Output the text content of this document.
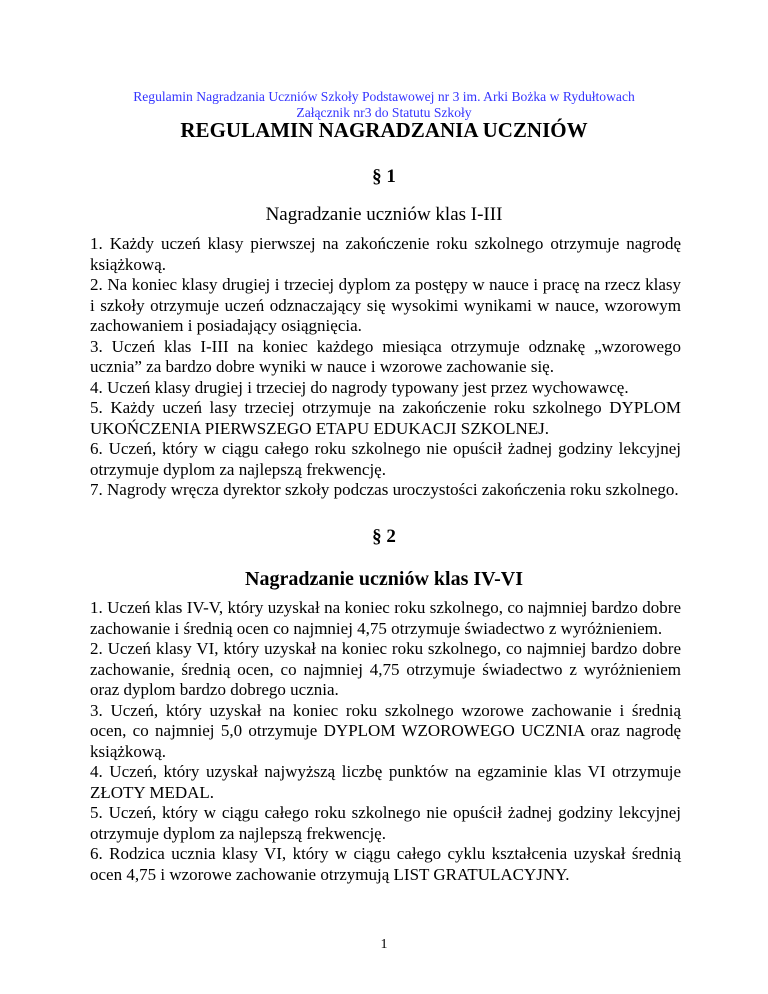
Regulamin Nagradzania Uczniów Szkoły Podstawowej nr 3 im. Arki Bożka w Rydułtowach
Załącznik nr3 do Statutu Szkoły
REGULAMIN NAGRADZANIA UCZNIÓW
§ 1
Nagradzanie uczniów klas I-III
1. Każdy uczeń klasy pierwszej na zakończenie roku szkolnego otrzymuje nagrodę książkową.
2. Na koniec klasy drugiej i trzeciej dyplom za postępy w nauce i pracę na rzecz klasy i szkoły otrzymuje uczeń odznaczający się wysokimi wynikami w nauce, wzorowym zachowaniem i posiadający osiągnięcia.
3. Uczeń klas I-III na koniec każdego miesiąca otrzymuje odznakę „wzorowego ucznia” za bardzo dobre wyniki w nauce i wzorowe zachowanie się.
4. Uczeń klasy drugiej i trzeciej do nagrody typowany jest przez wychowawcę.
5. Każdy uczeń lasy trzeciej otrzymuje na zakończenie roku szkolnego DYPLOM UKOŃCZENIA PIERWSZEGO ETAPU EDUKACJI SZKOLNEJ.
6. Uczeń, który w ciągu całego roku szkolnego nie opuścił żadnej godziny lekcyjnej otrzymuje dyplom za najlepszą frekwencję.
7. Nagrody wręcza dyrektor szkoły podczas uroczystości zakończenia roku szkolnego.
§ 2
Nagradzanie uczniów klas IV-VI
1. Uczeń klas IV-V, który uzyskał na koniec roku szkolnego, co najmniej bardzo dobre zachowanie i średnią ocen co najmniej 4,75 otrzymuje świadectwo z wyróżnieniem.
2. Uczeń klasy VI, który uzyskał na koniec roku szkolnego, co najmniej bardzo dobre zachowanie, średnią ocen, co najmniej 4,75 otrzymuje świadectwo z wyróżnieniem oraz dyplom bardzo dobrego ucznia.
3. Uczeń, który uzyskał na koniec roku szkolnego wzorowe zachowanie i średnią ocen, co najmniej 5,0 otrzymuje DYPLOM WZOROWEGO UCZNIA oraz nagrodę książkową.
4. Uczeń, który uzyskał najwyższą liczbę punktów na egzaminie klas VI otrzymuje ZŁOTY MEDAL.
5. Uczeń, który w ciągu całego roku szkolnego nie opuścił żadnej godziny lekcyjnej otrzymuje dyplom za najlepszą frekwencję.
6. Rodzica ucznia klasy VI, który w ciągu całego cyklu kształcenia uzyskał średnią ocen 4,75 i wzorowe zachowanie otrzymują LIST GRATULACYJNY.
1
